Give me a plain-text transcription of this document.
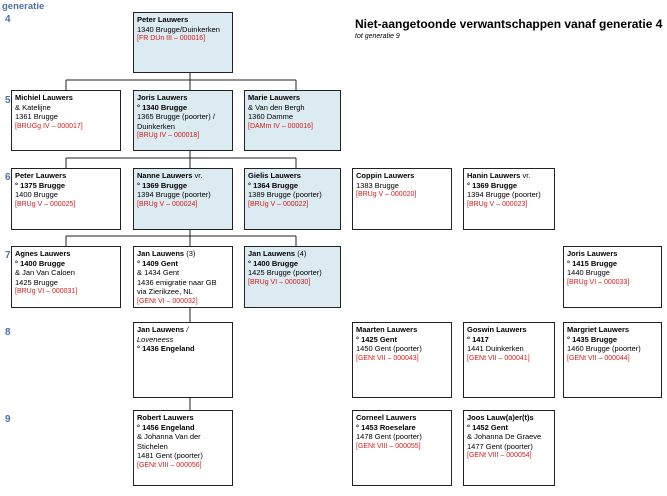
generatie
4
5
6
7
8
9
Niet-aangetoonde verwantschappen vanaf generatie 4
tot generatie 9
Peter Lauwers
1340 Brugge/Duinkerken
[FR DUn III – 000016]
Michiel Lauwers
& Katelijne
1361 Brugge
[BRUGg IV – 000017]
Joris Lauwers
° 1340 Brugge
1365 Brugge (poorter) /
Duinkerken
[BRUg IV – 000018]
Marie Lauwers
& Van den Bergh
1360 Damme
[DAMm IV – 000016]
Peter Lauwers
° 1375 Brugge
1400 Brugge
[BRUg V – 000025]
Nanne Lauwers vr.
° 1369 Brugge
1394 Brugge (poorter)
[BRUg V – 000024]
Gielis Lauwers
° 1364 Brugge
1389 Brugge (poorter)
[BRUg V – 000022]
Coppin Lauwers
1383 Brugge
[BRUg V – 000020]
Hanin Lauwers vr.
° 1369 Brugge
1394 Brugge (poorter)
[BRUg V – 000023]
Agnes Lauwers
° 1400 Brugge
& Jan Van Caloen
1425 Brugge
[BRUg VI – 000031]
Jan Lauwens (3)
° 1409 Gent
& 1434 Gent
1436 emigratie naar GB
via Zierikzee, NL
[GENt VI – 000032]
Jan Lauwens (4)
° 1400 Brugge
1425 Brugge (poorter)
[BRUg VI – 000030]
Joris Lauwers
° 1415 Brugge
1440 Brugge
[BRUg VI – 000033]
Jan Lauwens /
Loveneess
° 1436 Engeland
Maarten Lauwers
° 1425 Gent
1450 Gent (poorter)
[GENt VII – 000043]
Goswin Lauwers
° 1417
1441 Duinkerken
[GENt VII – 000041]
Margriet Lauwers
° 1435 Brugge
1460 Brugge (poorter)
[GENt VII – 000044]
Robert Lauwers
° 1456 Engeland
& Johanna Van der
Stichelen
1481 Gent (poorter)
[GENt VIII – 000056]
Corneel Lauwers
° 1453 Roeselare
1478 Gent (poorter)
[GENt VIII – 000055]
Joos Lauw(a)er(t)s
° 1452 Gent
& Johanna De Graeve
1477 Gent (poorter)
[GENt VIII – 000054]
